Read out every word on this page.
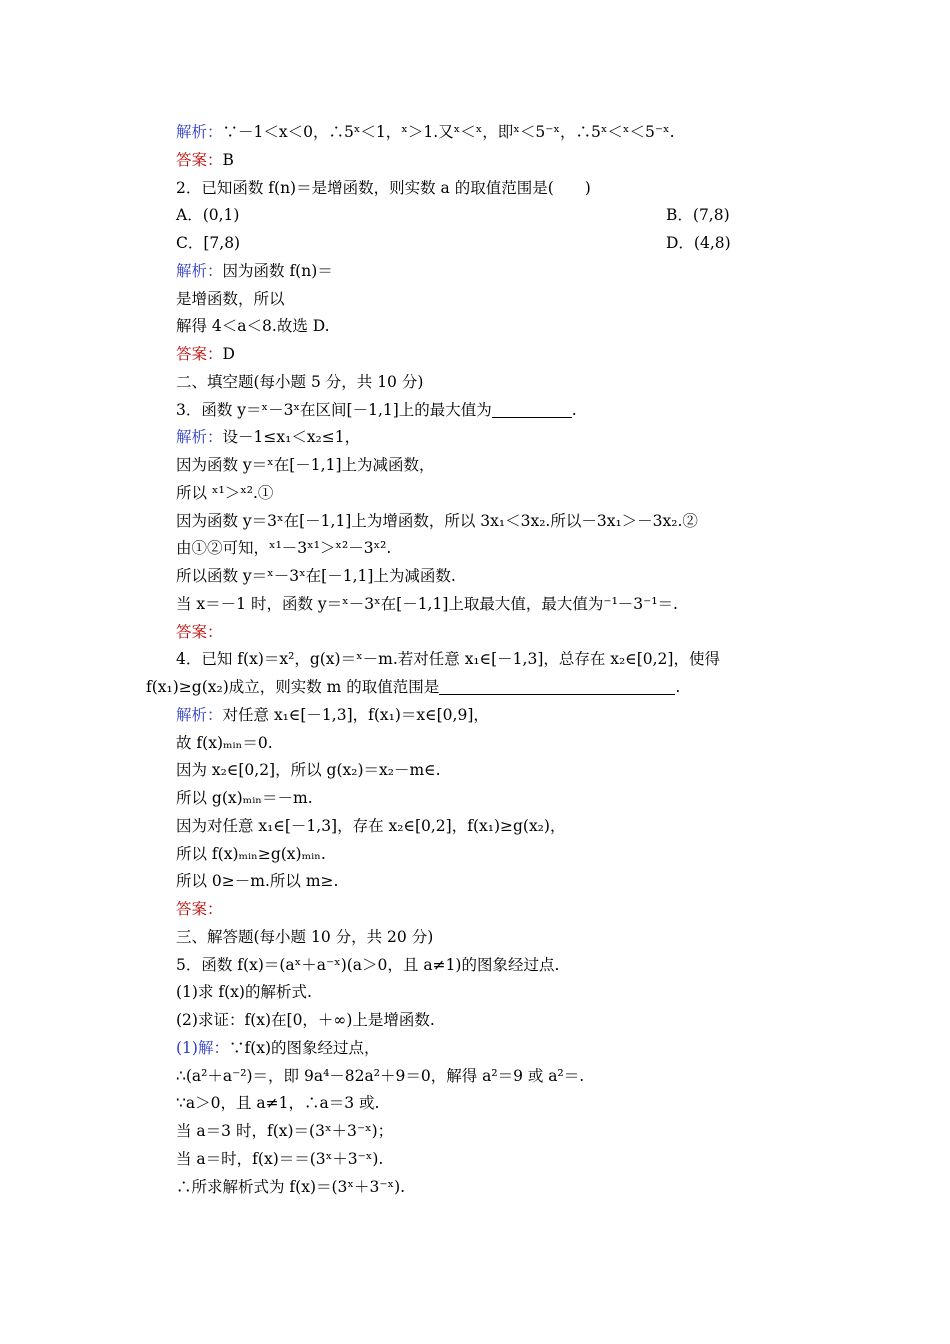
解析：∵－1＜x＜0，∴5ˣ＜1，ˣ＞1.又ˣ＜ˣ，即ˣ＜5⁻ˣ，∴5ˣ＜ˣ＜5⁻ˣ.
答案：B
2．已知函数 f(n)＝是增函数，则实数 a 的取值范围是(　　)
A．(0,1)	B．(7,8)
C．[7,8)	D．(4,8)
解析：因为函数 f(n)＝
是增函数，所以
解得 4＜a＜8.故选 D.
答案：D
二、填空题(每小题 5 分，共 10 分)
3．函数 y＝ˣ－3ˣ在区间[－1,1]上的最大值为	.
解析：设－1≤x₁＜x₂≤1，
因为函数 y＝ˣ在[－1,1]上为减函数，
所以 ˣ¹＞ˣ².①
因为函数 y＝3ˣ在[－1,1]上为增函数，所以 3x₁＜3x₂.所以－3x₁＞－3x₂.②
由①②可知，ˣ¹－3ˣ¹＞ˣ²－3ˣ².
所以函数 y＝ˣ－3ˣ在[－1,1]上为减函数.
当 x＝－1 时，函数 y＝ˣ－3ˣ在[－1,1]上取最大值，最大值为⁻¹－3⁻¹＝.
答案：
4．已知 f(x)＝x²，g(x)＝ˣ－m.若对任意 x₁∈[－1,3]，总存在 x₂∈[0,2]，使得
f(x₁)≥g(x₂)成立，则实数 m 的取值范围是	.
解析：对任意 x₁∈[－1,3]，f(x₁)＝x∈[0,9]，
故 f(x)ₘᵢₙ＝0.
因为 x₂∈[0,2]，所以 g(x₂)＝x₂－m∈.
所以 g(x)ₘᵢₙ＝－m.
因为对任意 x₁∈[－1,3]，存在 x₂∈[0,2]，f(x₁)≥g(x₂)，
所以 f(x)ₘᵢₙ≥g(x)ₘᵢₙ.
所以 0≥－m.所以 m≥.
答案：
三、解答题(每小题 10 分，共 20 分)
5．函数 f(x)＝(aˣ＋a⁻ˣ)(a＞0，且 a≠1)的图象经过点.
(1)求 f(x)的解析式.
(2)求证：f(x)在[0，＋∞)上是增函数.
(1)解：∵f(x)的图象经过点，
∴(a²＋a⁻²)＝，即 9a⁴－82a²＋9＝0，解得 a²＝9 或 a²＝.
∵a＞0，且 a≠1，∴a＝3 或.
当 a＝3 时，f(x)＝(3ˣ＋3⁻ˣ)；
当 a＝时，f(x)＝＝(3ˣ＋3⁻ˣ).
∴所求解析式为 f(x)＝(3ˣ＋3⁻ˣ).
